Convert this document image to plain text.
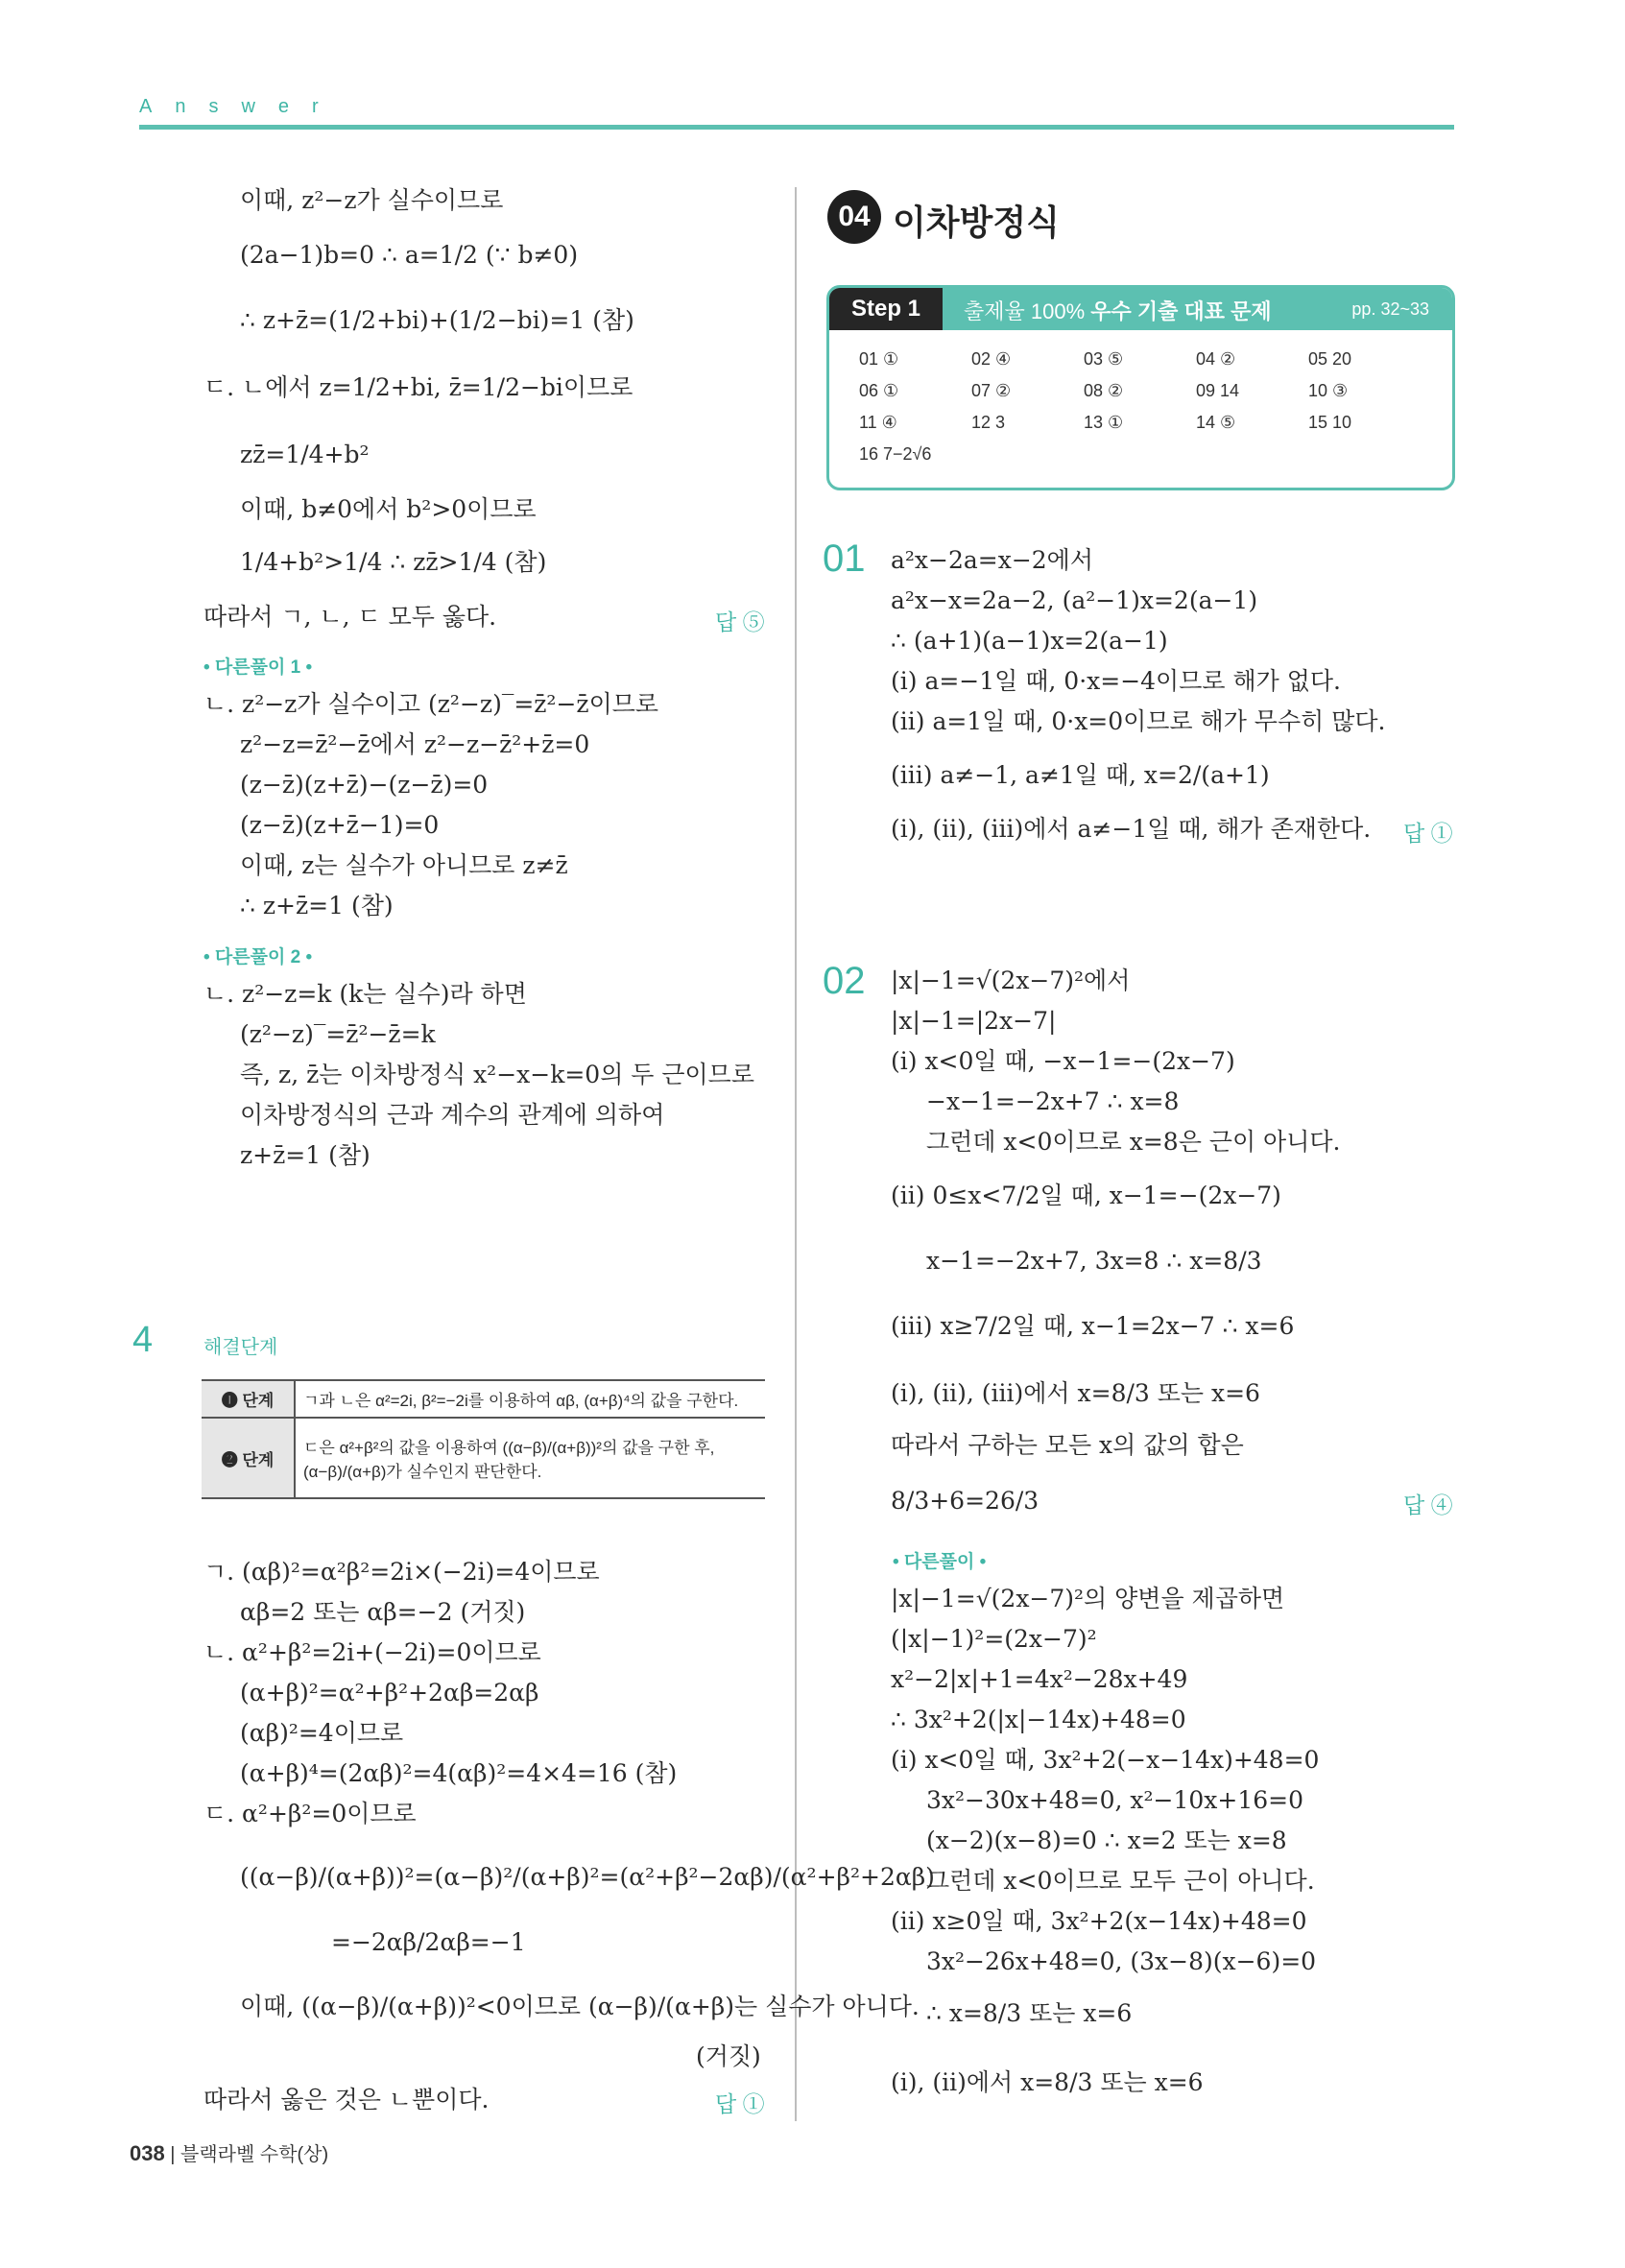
Answer
이때, z²−z가 실수이므로
(2a−1)b=0 ∴ a=1/2 (∵ b≠0)
∴ z+z̄=(1/2+bi)+(1/2−bi)=1 (참)
ㄷ. ㄴ에서 z=1/2+bi, z̄=1/2−bi이므로
zz̄=1/4+b²
이때, b≠0에서 b²>0이므로
1/4+b²>1/4 ∴ zz̄>1/4 (참)
따라서 ㄱ, ㄴ, ㄷ 모두 옳다.	답 ⑤
• 다른풀이 1 •
ㄴ. z²−z가 실수이고 (z²−z)‾=z̄²−z̄이므로
z²−z=z̄²−z̄에서 z²−z−z̄²+z̄=0
(z−z̄)(z+z̄)−(z−z̄)=0
(z−z̄)(z+z̄−1)=0
이때, z는 실수가 아니므로 z≠z̄
∴ z+z̄=1 (참)
• 다른풀이 2 •
ㄴ. z²−z=k (k는 실수)라 하면
(z²−z)‾=z̄²−z̄=k
즉, z, z̄는 이차방정식 x²−x−k=0의 두 근이므로
이차방정식의 근과 계수의 관계에 의하여
z+z̄=1 (참)
4	해결단계
❶ 단계	ㄱ과 ㄴ은 α²=2i, β²=−2i를 이용하여 αβ, (α+β)⁴의 값을 구한다.
❷ 단계	ㄷ은 α²+β²의 값을 이용하여 ((α−β)/(α+β))²의 값을 구한 후, (α−β)/(α+β)가 실수인지 판단한다.
ㄱ. (αβ)²=α²β²=2i×(−2i)=4이므로
αβ=2 또는 αβ=−2 (거짓)
ㄴ. α²+β²=2i+(−2i)=0이므로
(α+β)²=α²+β²+2αβ=2αβ
(αβ)²=4이므로
(α+β)⁴=(2αβ)²=4(αβ)²=4×4=16 (참)
ㄷ. α²+β²=0이므로
((α−β)/(α+β))²=(α−β)²/(α+β)²=(α²+β²−2αβ)/(α²+β²+2αβ)
=−2αβ/2αβ=−1
이때, ((α−β)/(α+β))²<0이므로 (α−β)/(α+β)는 실수가 아니다.
(거짓)
따라서 옳은 것은 ㄴ뿐이다.	답 ①
04 이차방정식
Step 1	출제율 100% 우수 기출 대표 문제	pp. 32~33
01 ①	02 ④	03 ⑤	04 ②	05 20
06 ①	07 ②	08 ②	09 14	10 ③
11 ④	12 3	13 ①	14 ⑤	15 10
16 7−2√6
01 a²x−2a=x−2에서
a²x−x=2a−2, (a²−1)x=2(a−1)
∴ (a+1)(a−1)x=2(a−1)
(ⅰ) a=−1일 때, 0·x=−4이므로 해가 없다.
(ⅱ) a=1일 때, 0·x=0이므로 해가 무수히 많다.
(ⅲ) a≠−1, a≠1일 때, x=2/(a+1)
(ⅰ), (ⅱ), (ⅲ)에서 a≠−1일 때, 해가 존재한다. 답 ①
02 |x|−1=√(2x−7)²에서
|x|−1=|2x−7|
(ⅰ) x<0일 때, −x−1=−(2x−7)
−x−1=−2x+7 ∴ x=8
그런데 x<0이므로 x=8은 근이 아니다.
(ⅱ) 0≤x<7/2일 때, x−1=−(2x−7)
x−1=−2x+7, 3x=8 ∴ x=8/3
(ⅲ) x≥7/2일 때, x−1=2x−7 ∴ x=6
(ⅰ), (ⅱ), (ⅲ)에서 x=8/3 또는 x=6
따라서 구하는 모든 x의 값의 합은
8/3+6=26/3	답 ④
• 다른풀이 •
|x|−1=√(2x−7)²의 양변을 제곱하면
(|x|−1)²=(2x−7)²
x²−2|x|+1=4x²−28x+49
∴ 3x²+2(|x|−14x)+48=0
(ⅰ) x<0일 때, 3x²+2(−x−14x)+48=0
3x²−30x+48=0, x²−10x+16=0
(x−2)(x−8)=0 ∴ x=2 또는 x=8
그런데 x<0이므로 모두 근이 아니다.
(ⅱ) x≥0일 때, 3x²+2(x−14x)+48=0
3x²−26x+48=0, (3x−8)(x−6)=0
∴ x=8/3 또는 x=6
(ⅰ), (ⅱ)에서 x=8/3 또는 x=6
038 | 블랙라벨 수학(상)
